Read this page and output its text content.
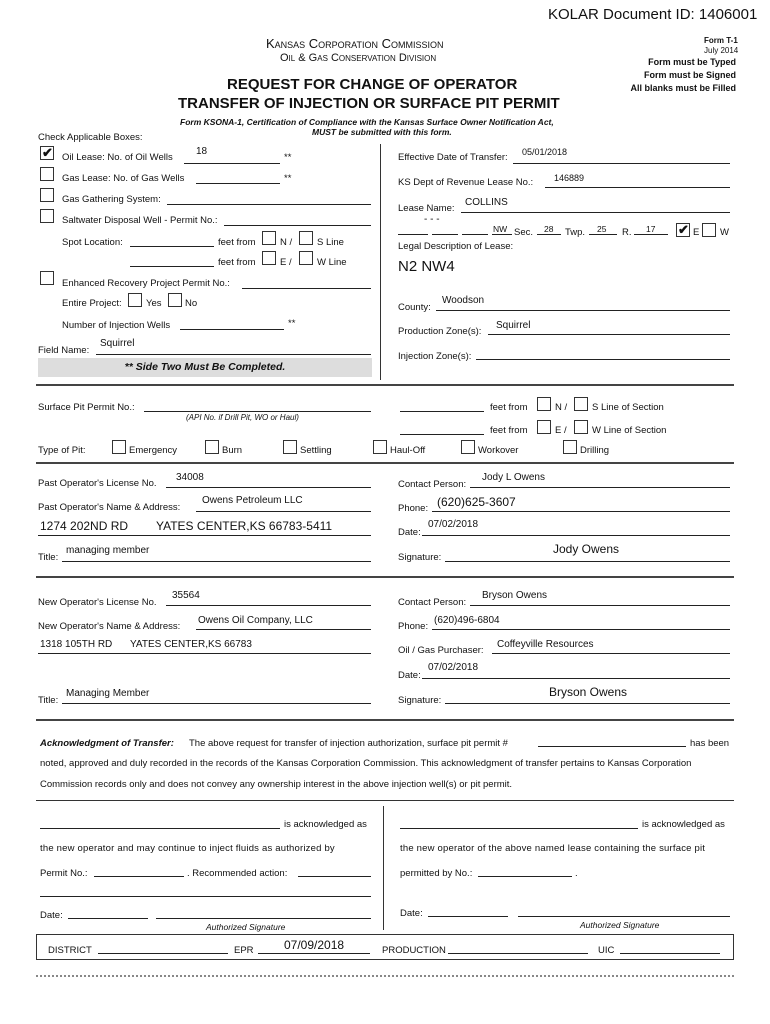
KOLAR Document ID: 1406001
Kansas Corporation Commission
Oil & Gas Conservation Division
Form T-1
July 2014
Form must be Typed
Form must be Signed
All blanks must be Filled
REQUEST FOR CHANGE OF OPERATOR
TRANSFER OF INJECTION OR SURFACE PIT PERMIT
Form KSONA-1, Certification of Compliance with the Kansas Surface Owner Notification Act,
MUST be submitted with this form.
Check Applicable Boxes:
✔ Oil Lease: No. of Oil Wells
18
**
Gas Lease: No. of Gas Wells	**
Gas Gathering System:
Saltwater Disposal Well - Permit No.:
Spot Location:	feet from	N /	S Line
feet from	E /	W Line
Enhanced Recovery Project Permit No.:
Entire Project:	Yes No
Number of Injection Wells	**
Field Name:
Squirrel
** Side Two Must Be Completed.
Effective Date of Transfer: 05/01/2018
KS Dept of Revenue Lease No.: 146889
Lease Name:
COLLINS
- - -
NW Sec. 28 Twp. 25 R. 17 ✔ E W
Legal Description of Lease:
N2 NW4
County:
Woodson
Production Zone(s):
Squirrel
Injection Zone(s):
Surface Pit Permit No.:
(API No. if Drill Pit, WO or Haul)
feet from	N /	S Line of Section
feet from	E /	W Line of Section
Type of Pit:	Emergency	Burn	Settling	Haul-Off	Workover	Drilling
Past Operator's License No.
34008
Past Operator's Name & Address:
Owens Petroleum LLC
1274 202ND RD YATES CENTER,KS 66783-5411
Title:
managing member
Contact Person:
Jody L Owens
Phone: (620)625-3607
Date:
07/02/2018
Signature:
Jody Owens
New Operator's License No.
35564
New Operator's Name & Address:
Owens Oil Company, LLC
1318 105TH RD YATES CENTER,KS 66783
Title:
Managing Member
Contact Person:
Bryson Owens
Phone:
(620)496-6804
Oil / Gas Purchaser:
Coffeyville Resources
Date:
07/02/2018
Signature:
Bryson Owens
Acknowledgment of Transfer: The above request for transfer of injection authorization, surface pit permit #	has been
noted, approved and duly recorded in the records of the Kansas Corporation Commission. This acknowledgment of transfer pertains to Kansas Corporation
Commission records only and does not convey any ownership interest in the above injection well(s) or pit permit.
is acknowledged as
the new operator and may continue to inject fluids as authorized by
Permit No.:	. Recommended action:
Date:
Authorized Signature
is acknowledged as
the new operator of the above named lease containing the surface pit
permitted by No.:	.
Date:
Authorized Signature
DISTRICT	EPR	07/09/2018	PRODUCTION	UIC
